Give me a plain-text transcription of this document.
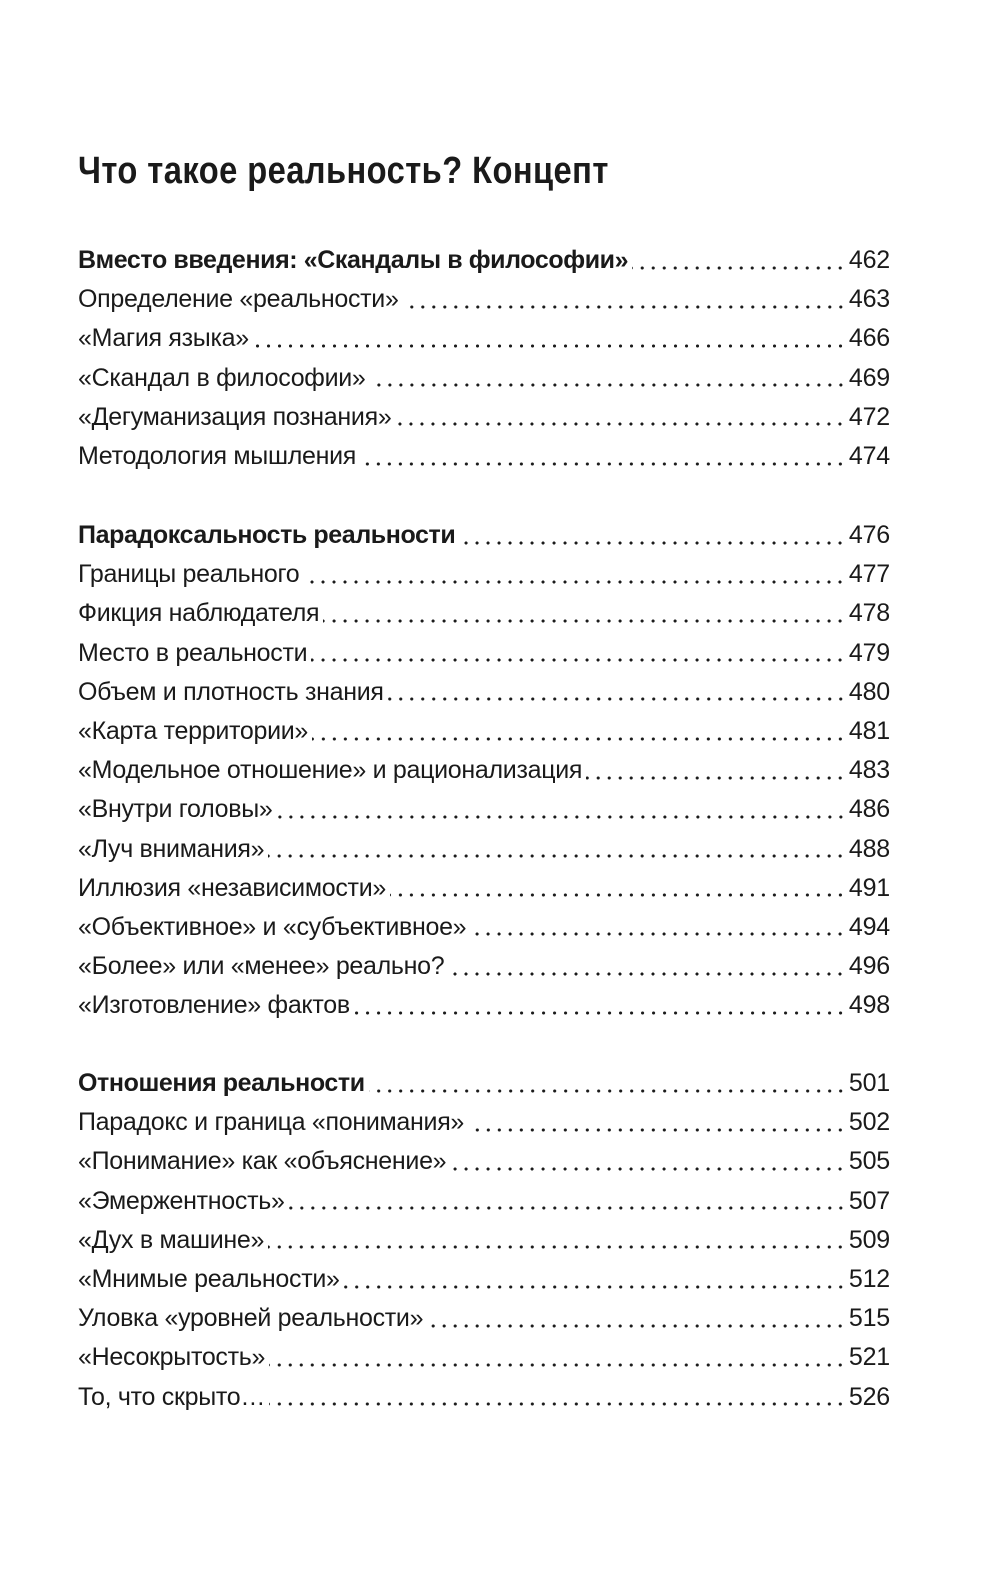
Что такое реальность? Концепт
Вместо введения: «Скандалы в философии»	462
Определение «реальности»	463
«Магия языка»	466
«Скандал в философии»	469
«Дегуманизация познания»	472
Методология мышления	474
Парадоксальность реальности	476
Границы реального	477
Фикция наблюдателя	478
Место в реальности	479
Объем и плотность знания	480
«Карта территории»	481
«Модельное отношение» и рационализация	483
«Внутри головы»	486
«Луч внимания»	488
Иллюзия «независимости»	491
«Объективное» и «субъективное»	494
«Более» или «менее» реально?	496
«Изготовление» фактов	498
Отношения реальности	501
Парадокс и граница «понимания»	502
«Понимание» как «объяснение»	505
«Эмержентность»	507
«Дух в машине»	509
«Мнимые реальности»	512
Уловка «уровней реальности»	515
«Несокрытость»	521
То, что скрыто…	526
